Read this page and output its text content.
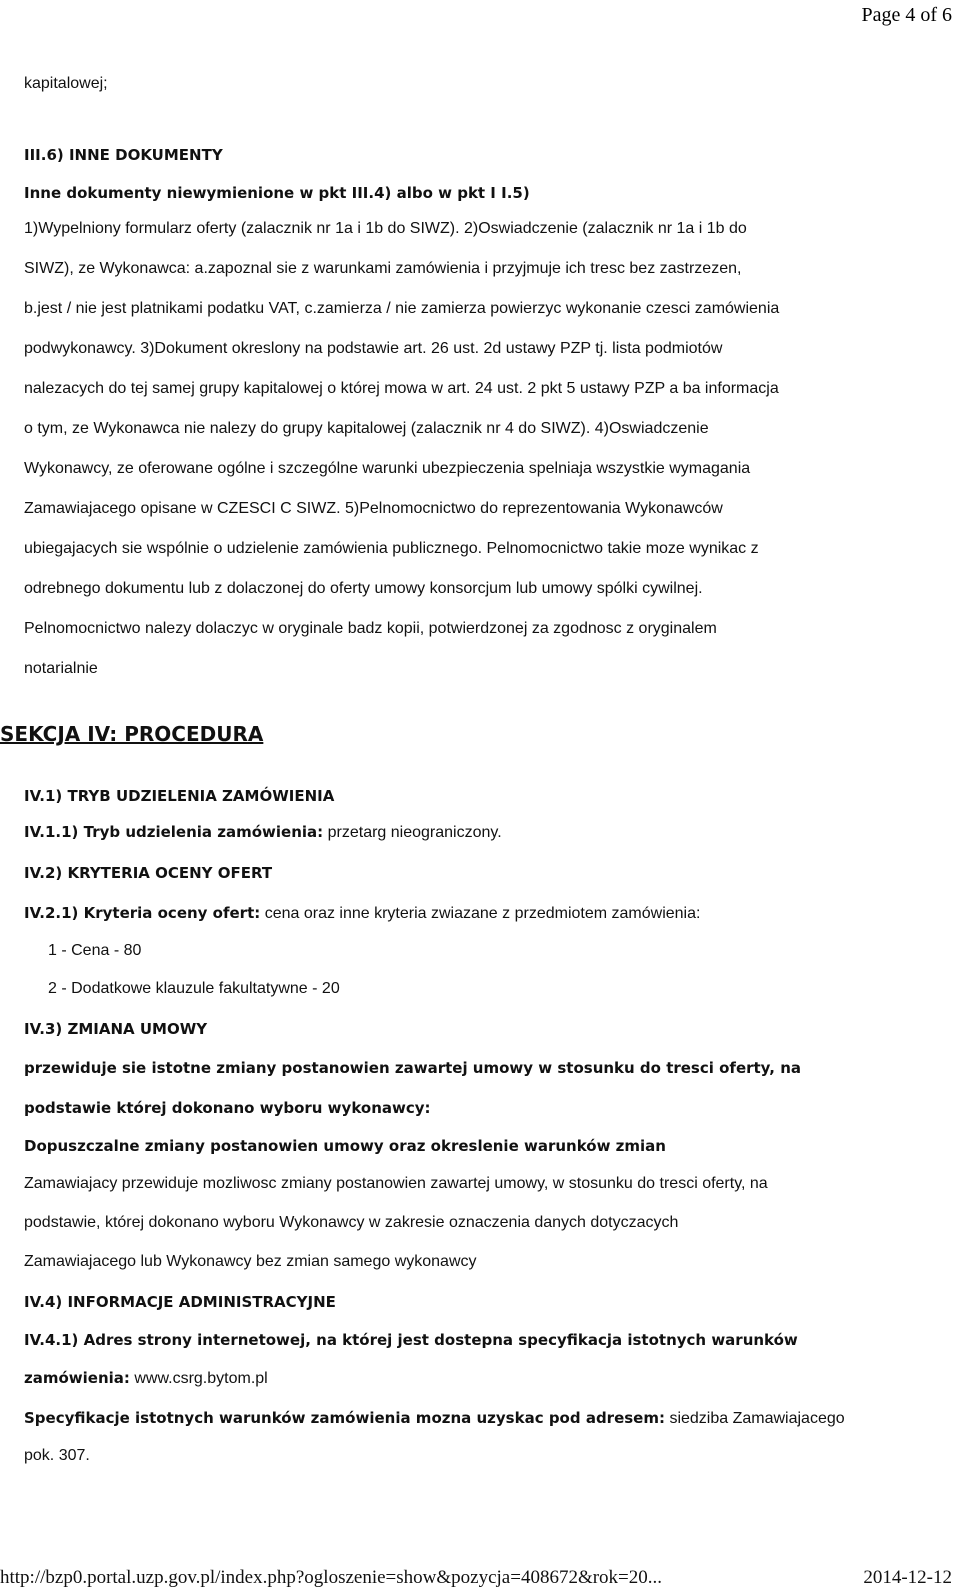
Page 4 of 6
kapitalowej;
III.6) INNE DOKUMENTY
Inne dokumenty niewymienione w pkt III.4) albo w pkt I I.5)
1)Wypelniony formularz oferty (zalacznik nr 1a i 1b do SIWZ). 2)Oswiadczenie (zalacznik nr 1a i 1b do
SIWZ), ze Wykonawca: a.zapoznal sie z warunkami zamówienia i przyjmuje ich tresc bez zastrzezen,
b.jest / nie jest platnikami podatku VAT, c.zamierza / nie zamierza powierzyc wykonanie czesci zamówienia
podwykonawcy. 3)Dokument okreslony na podstawie art. 26 ust. 2d ustawy PZP tj. lista podmiotów
nalezacych do tej samej grupy kapitalowej o której mowa w art. 24 ust. 2 pkt 5 ustawy PZP a ba informacja
o tym, ze Wykonawca nie nalezy do grupy kapitalowej (zalacznik nr 4 do SIWZ). 4)Oswiadczenie
Wykonawcy, ze oferowane ogólne i szczególne warunki ubezpieczenia spelniaja wszystkie wymagania
Zamawiajacego opisane w CZESCI C SIWZ. 5)Pelnomocnictwo do reprezentowania Wykonawców
ubiegajacych sie wspólnie o udzielenie zamówienia publicznego. Pelnomocnictwo takie moze wynikac z
odrebnego dokumentu lub z dolaczonej do oferty umowy konsorcjum lub umowy spólki cywilnej.
Pelnomocnictwo nalezy dolaczyc w oryginale badz kopii, potwierdzonej za zgodnosc z oryginalem
notarialnie
SEKCJA IV: PROCEDURA
IV.1) TRYB UDZIELENIA ZAMÓWIENIA
IV.1.1) Tryb udzielenia zamówienia: przetarg nieograniczony.
IV.2) KRYTERIA OCENY OFERT
IV.2.1) Kryteria oceny ofert: cena oraz inne kryteria zwiazane z przedmiotem zamówienia:
1 - Cena - 80
2 - Dodatkowe klauzule fakultatywne - 20
IV.3) ZMIANA UMOWY
przewiduje sie istotne zmiany postanowien zawartej umowy w stosunku do tresci oferty, na
podstawie której dokonano wyboru wykonawcy:
Dopuszczalne zmiany postanowien umowy oraz okreslenie warunków zmian
Zamawiajacy przewiduje mozliwosc zmiany postanowien zawartej umowy, w stosunku do tresci oferty, na
podstawie, której dokonano wyboru Wykonawcy w zakresie oznaczenia danych dotyczacych
Zamawiajacego lub Wykonawcy bez zmian samego wykonawcy
IV.4) INFORMACJE ADMINISTRACYJNE
IV.4.1) Adres strony internetowej, na której jest dostepna specyfikacja istotnych warunków
zamówienia: www.csrg.bytom.pl
Specyfikacje istotnych warunków zamówienia mozna uzyskac pod adresem: siedziba Zamawiajacego
pok. 307.
http://bzp0.portal.uzp.gov.pl/index.php?ogloszenie=show&pozycja=408672&rok=20...	2014-12-12
